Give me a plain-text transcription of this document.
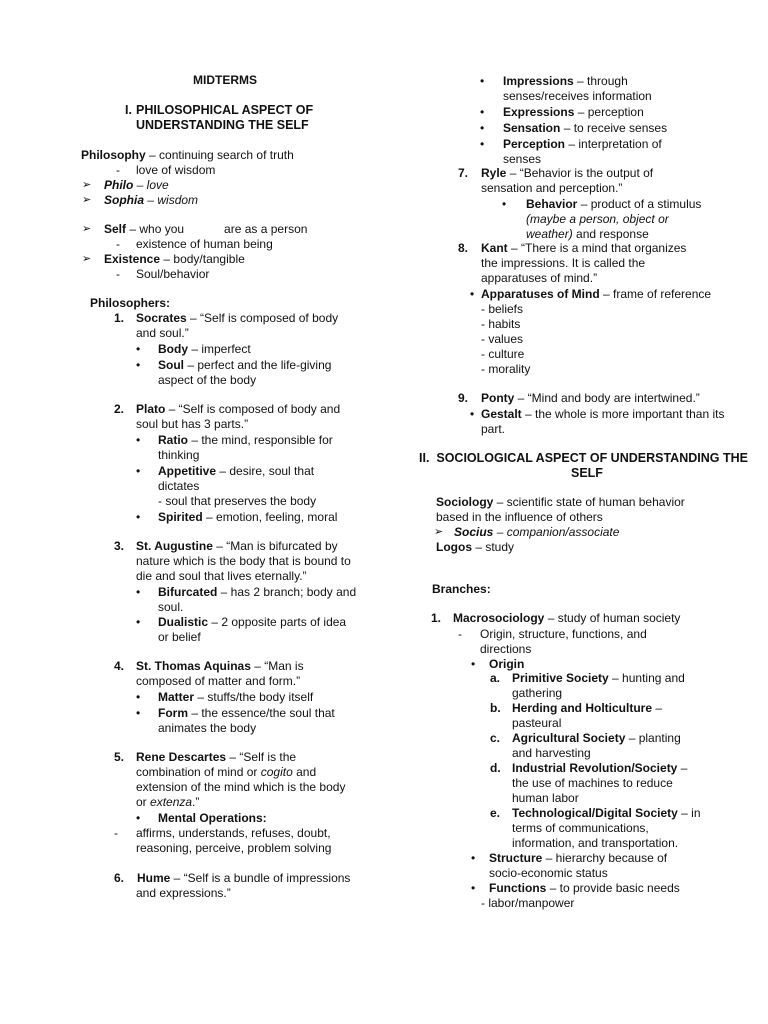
MIDTERMS
I. PHILOSOPHICAL ASPECT OF
UNDERSTANDING THE SELF
Philosophy – continuing search of truth
- love of wisdom
➢ Philo – love
➢ Sophia – wisdom
➢ Self – who you            are as a person
- existence of human being
➢ Existence – body/tangible
- Soul/behavior
Philosophers:
1. Socrates – “Self is composed of body
and soul.”
• Body – imperfect
• Soul – perfect and the life-giving
aspect of the body
2. Plato – “Self is composed of body and
soul but has 3 parts.”
• Ratio – the mind, responsible for
thinking
• Appetitive – desire, soul that
dictates
- soul that preserves the body
• Spirited – emotion, feeling, moral
3. St. Augustine – “Man is bifurcated by
nature which is the body that is bound to
die and soul that lives eternally.”
• Bifurcated – has 2 branch; body and
soul.
• Dualistic – 2 opposite parts of idea
or belief
4. St. Thomas Aquinas – “Man is
composed of matter and form.”
• Matter – stuffs/the body itself
• Form – the essence/the soul that
animates the body
5. Rene Descartes – “Self is the
combination of mind or cogito and
extension of the mind which is the body
or extenza.”
• Mental Operations:
- affirms, understands, refuses, doubt,
reasoning, perceive, problem solving
6. Hume – “Self is a bundle of impressions
and expressions.”
• Impressions – through
senses/receives information
• Expressions – perception
• Sensation – to receive senses
• Perception – interpretation of
senses
7. Ryle – “Behavior is the output of
sensation and perception.”
• Behavior – product of a stimulus
(maybe a person, object or
weather) and response
8. Kant – “There is a mind that organizes
the impressions. It is called the
apparatuses of mind.”
• Apparatuses of Mind – frame of reference
- beliefs
- habits
- values
- culture
- morality
9. Ponty – “Mind and body are intertwined.”
• Gestalt – the whole is more important than its
part.
II.  SOCIOLOGICAL ASPECT OF UNDERSTANDING THE
SELF
Sociology – scientific state of human behavior
based in the influence of others
➢ Socius – companion/associate
Logos – study
Branches:
1. Macrosociology – study of human society
- Origin, structure, functions, and
directions
• Origin
a. Primitive Society – hunting and
gathering
b. Herding and Holticulture –
pasteural
c. Agricultural Society – planting
and harvesting
d. Industrial Revolution/Society –
the use of machines to reduce
human labor
e. Technological/Digital Society – in
terms of communications,
information, and transportation.
• Structure – hierarchy because of
socio-economic status
• Functions – to provide basic needs
- labor/manpower
